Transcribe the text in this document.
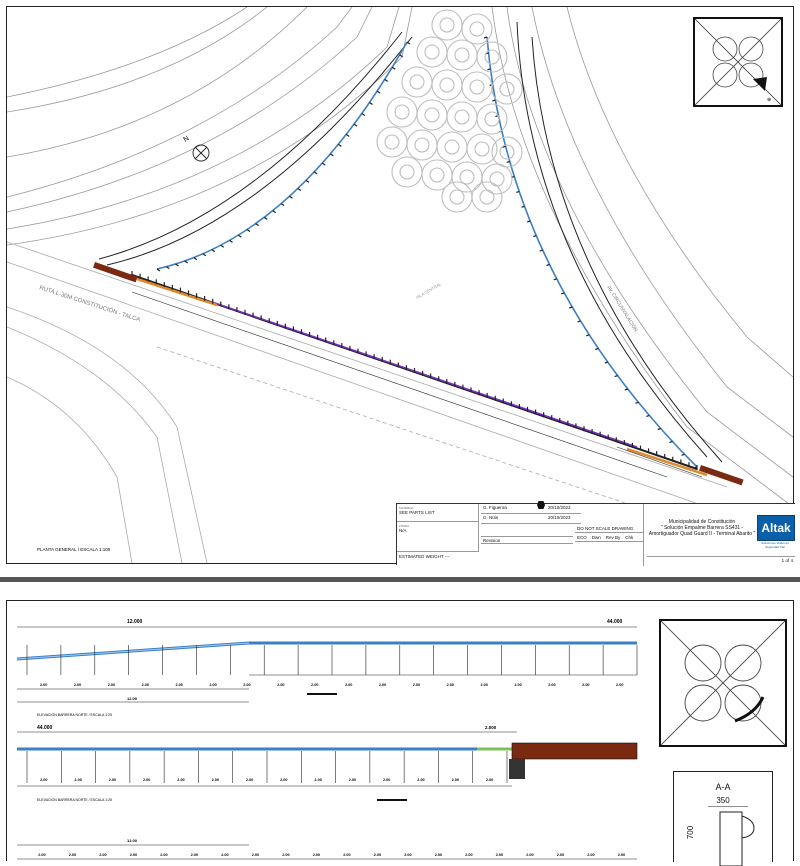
N
RUTA L-30M CONSTITUCIÓN - TALCA	AV. CIRCUNVALACIÓN
ISLA CENTRAL
PLANTA GENERAL / ESCALA 1:100
⊕
MATERIAL
SEE PARTS LIST
FINISH
N/A
ESTIMATED WEIGHT ---
G. Figueroa
G. Nüin
20/10/2023
20/10/2023
DO NOT SCALE DRAWING
Revision
ECO Dwn Rev By Chk
Municipalidad de Constitución
" Solución Empalme Barrera SS431 -
Amortiguador Quad Guard II - Terminal Abarito "
1 of 4
Altak
Soluciones Viales de Seguridad Vial
12.000	44.000
12.00
ELEVACION BARRERA NORTE / ESCALA 1:25
2.00	2.00	2.00	2.00	2.00	2.00	2.00	2.00	2.00	2.00	2.00	2.00	2.00	2.00	2.00	2.00	2.00	2.00
44.000	2.000
ELEVACION BARRERA NORTE / ESCALA 1:25
2.00	2.00	2.00	2.00	2.00	2.00	2.00	2.00	2.00	2.00	2.00	2.00	2.00	2.00
12.00
2.00	2.00	2.00	2.00	2.00	2.00	2.00	2.00	2.00	2.00	2.00	2.00	2.00	2.00	2.00	2.00	2.00	2.00	2.00	2.00
A-A
350
700
